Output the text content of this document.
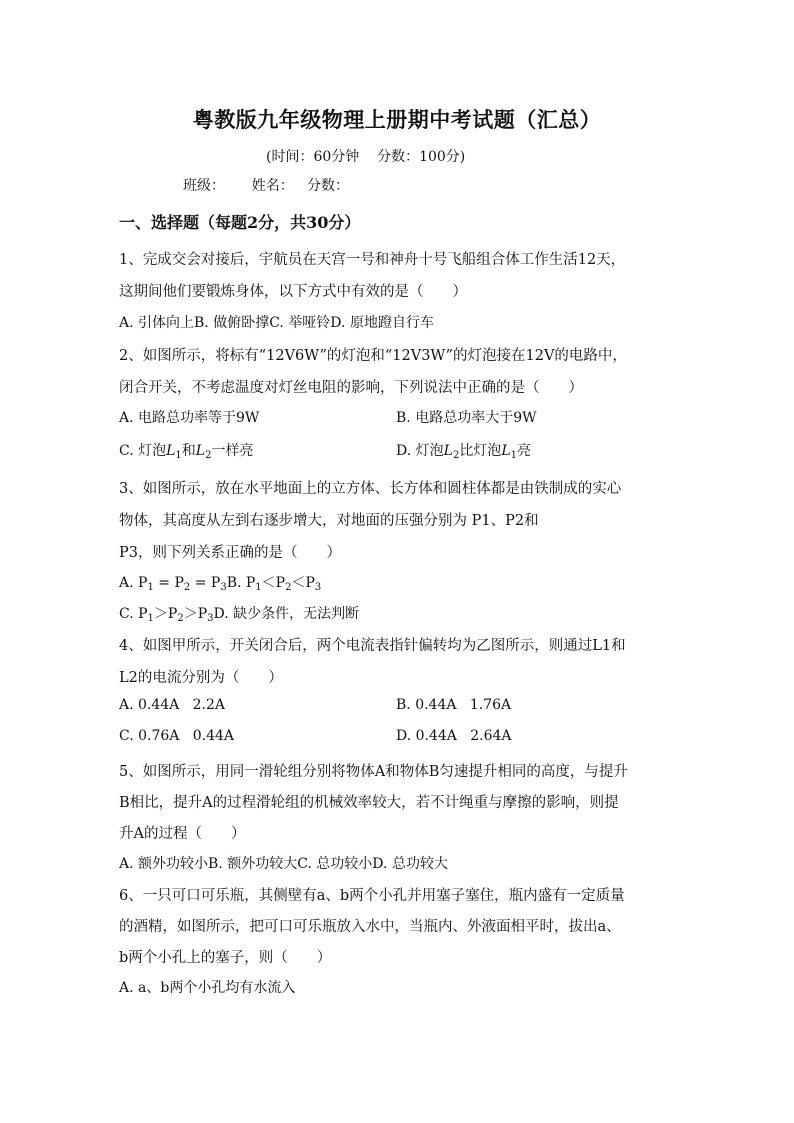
粤教版九年级物理上册期中考试题（汇总）
(时间：60分钟    分数：100分)
班级：      姓名：   分数：
一、选择题（每题2分，共30分）
1、完成交会对接后，宇航员在天宫一号和神舟十号飞船组合体工作生活12天，
这期间他们要锻炼身体，以下方式中有效的是（　　）
A. 引体向上B. 做俯卧撑C. 举哑铃D. 原地蹬自行车
2、如图所示，将标有“12V6W”的灯泡和“12V3W”的灯泡接在12V的电路中，
闭合开关，不考虑温度对灯丝电阻的影响，下列说法中正确的是（　　）
A. 电路总功率等于9W	B. 电路总功率大于9W
C. 灯泡$L_1$和$L_2$一样亮	D. 灯泡$L_2$比灯泡$L_1$亮
3、如图所示，放在水平地面上的立方体、长方体和圆柱体都是由铁制成的实心
物体，其高度从左到右逐步增大，对地面的压强分别为 P1、P2和
P3，则下列关系正确的是（　　）
A. $P_1 = P_2 = P_3B$. $P_1<P_2<P_3$
C. $P_1>P_2>P_3D$. 缺少条件，无法判断
4、如图甲所示，开关闭合后，两个电流表指针偏转均为乙图所示，则通过L1和
L2的电流分别为（　　）
A. 0.44A   2.2A	B. 0.44A   1.76A
C. 0.76A   0.44A	D. 0.44A   2.64A
5、如图所示，用同一滑轮组分别将物体A和物体B匀速提升相同的高度，与提升
B相比，提升A的过程滑轮组的机械效率较大，若不计绳重与摩擦的影响，则提
升A的过程（　　）
A. 额外功较小B. 额外功较大C. 总功较小D. 总功较大
6、一只可口可乐瓶，其侧壁有a、b两个小孔并用塞子塞住，瓶内盛有一定质量
的酒精，如图所示，把可口可乐瓶放入水中，当瓶内、外液面相平时，拔出a、
b两个小孔上的塞子，则（　　）
A. a、b两个小孔均有水流入
